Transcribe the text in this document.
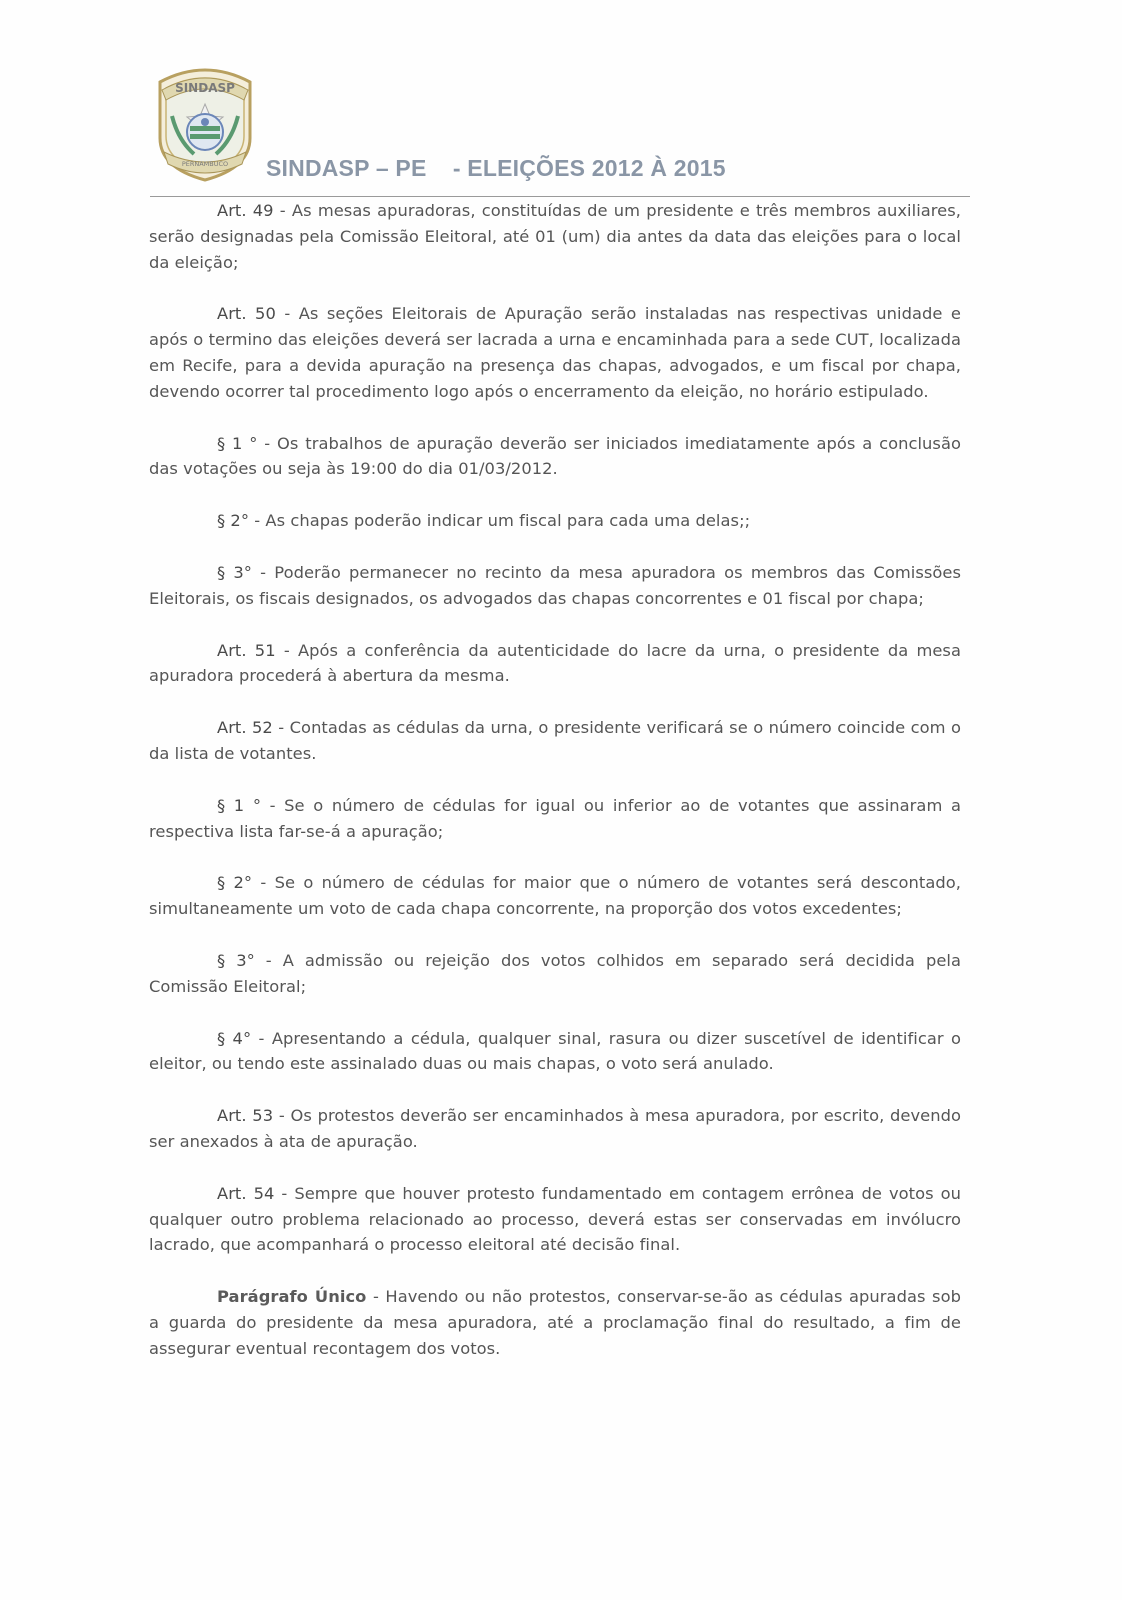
SINDASP
PERNAMBUCO SINDASP – PE    - ELEIÇÕES 2012 À 2015

Art. 49 - As mesas apuradoras, constituídas de um presidente e três membros auxiliares, serão designadas pela Comissão Eleitoral, até 01 (um) dia antes da data das eleições para o local da eleição;

Art. 50 - As seções Eleitorais de Apuração serão instaladas nas respectivas unidade e após o termino das eleições deverá ser lacrada a urna e encaminhada para a sede CUT, localizada em Recife, para a devida apuração na presença das chapas, advogados, e um fiscal por chapa, devendo ocorrer tal procedimento logo após o encerramento da eleição, no horário estipulado.

§ 1 ° - Os trabalhos de apuração deverão ser iniciados imediatamente após a conclusão das votações ou seja às 19:00 do dia 01/03/2012.

§ 2° - As chapas poderão indicar um fiscal para cada uma delas;;

§ 3° - Poderão permanecer no recinto da mesa apuradora os membros das Comissões Eleitorais, os fiscais designados, os advogados das chapas concorrentes e 01 fiscal por chapa;

Art. 51 - Após a conferência da autenticidade do lacre da urna, o presidente da mesa apuradora procederá à abertura da mesma.

Art. 52 - Contadas as cédulas da urna, o presidente verificará se o número coincide com o da lista de votantes.

§ 1 ° - Se o número de cédulas for igual ou inferior ao de votantes que assinaram a respectiva lista far-se-á a apuração;

§ 2° - Se o número de cédulas for maior que o número de votantes será descontado, simultaneamente um voto de cada chapa concorrente, na proporção dos votos excedentes;

§ 3° - A admissão ou rejeição dos votos colhidos em separado será decidida pela Comissão Eleitoral;

§ 4° - Apresentando a cédula, qualquer sinal, rasura ou dizer suscetível de identificar o eleitor, ou tendo este assinalado duas ou mais chapas, o voto será anulado.

Art. 53 - Os protestos deverão ser encaminhados à mesa apuradora, por escrito, devendo ser anexados à ata de apuração.

Art. 54 - Sempre que houver protesto fundamentado em contagem errônea de votos ou qualquer outro problema relacionado ao processo, deverá estas ser conservadas em invólucro lacrado, que acompanhará o processo eleitoral até decisão final.

Parágrafo Único - Havendo ou não protestos, conservar-se-ão as cédulas apuradas sob a guarda do presidente da mesa apuradora, até a proclamação final do resultado, a fim de assegurar eventual recontagem dos votos.
